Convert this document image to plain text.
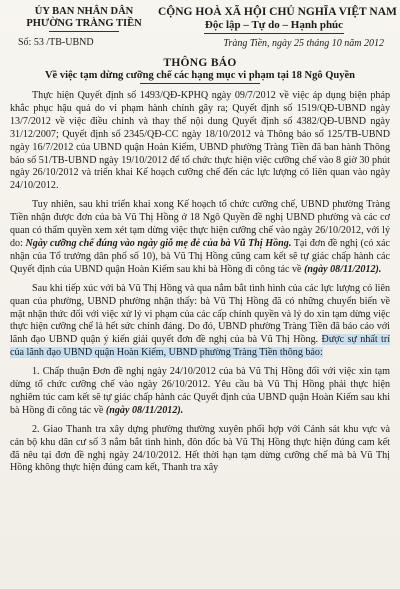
ỦY BAN NHÂN DÂN
PHƯỜNG TRÀNG TIỀN
Số: 53 /TB-UBND
CỘNG HOÀ XÃ HỘI CHỦ NGHĨA VIỆT NAM
Độc lập – Tự do – Hạnh phúc
Tràng Tiền, ngày 25 tháng 10 năm 2012
THÔNG BÁO
Về việc tạm dừng cưỡng chế các hạng mục vi phạm tại 18 Ngô Quyền

Thực hiện Quyết định số 1493/QĐ-KPHQ ngày 09/7/2012 về việc áp dụng biện pháp khắc phục hậu quả do vi phạm hành chính gây ra; Quyết định số 1519/QĐ-UBND ngày 13/7/2012 về việc điều chỉnh và thay thế nội dung Quyết định số 4382/QĐ-UBND ngày 31/12/2007; Quyết định số 2345/QĐ-CC ngày 18/10/2012 và Thông báo số 125/TB-UBND ngày 16/7/2012 của UBND quận Hoàn Kiếm, UBND phường Tràng Tiền đã ban hành Thông báo số 51/TB-UBND ngày 19/10/2012 để tổ chức thực hiện việc cưỡng chế vào 8 giờ 30 phút ngày 26/10/2012 và triển khai Kế hoạch cưỡng chế đến các lực lượng có liên quan vào ngày 24/10/2012.

Tuy nhiên, sau khi triển khai xong Kế hoạch tổ chức cưỡng chế, UBND phường Tràng Tiền nhận được đơn của bà Vũ Thị Hồng ở 18 Ngô Quyền đề nghị UBND phường và các cơ quan có thẩm quyền xem xét tạm dừng việc thực hiện cưỡng chế vào ngày 26/10/2012, với lý do: Ngày cưỡng chế đúng vào ngày giỗ mẹ đẻ của bà Vũ Thị Hồng. Tại đơn đề nghị (có xác nhận của Tổ trưởng dân phố số 10), bà Vũ Thị Hồng cũng cam kết sẽ tự giác chấp hành các Quyết định của UBND quận Hoàn Kiếm sau khi bà Hồng đi công tác về (ngày 08/11/2012).

Sau khi tiếp xúc với bà Vũ Thị Hồng và qua nắm bắt tình hình của các lực lượng có liên quan của phường, UBND phường nhận thấy: bà Vũ Thị Hồng đã có những chuyển biến về mặt nhận thức đối với việc xử lý vi phạm của các cấp chính quyền và lý do xin tạm dừng việc thực hiện cưỡng chế là hết sức chính đáng. Do đó, UBND phường Tràng Tiền đã báo cáo với lãnh đạo UBND quận ý kiến giải quyết đơn đề nghị của bà Vũ Thị Hồng. Được sự nhất trí của lãnh đạo UBND quận Hoàn Kiếm, UBND phường Tràng Tiền thông báo:

1. Chấp thuận Đơn đề nghị ngày 24/10/2012 của bà Vũ Thị Hồng đối với việc xin tạm dừng tổ chức cưỡng chế vào ngày 26/10/2012. Yêu cầu bà Vũ Thị Hồng phải thực hiện nghiêm túc cam kết sẽ tự giác chấp hành các Quyết định của UBND quận Hoàn Kiếm sau khi bà Hồng đi công tác về (ngày 08/11/2012).

2. Giao Thanh tra xây dựng phường thường xuyên phối hợp với Cảnh sát khu vực và cán bộ khu dân cư số 3 nắm bắt tình hình, đôn đốc bà Vũ Thị Hồng thực hiện đúng cam kết đã nêu tại đơn đề nghị ngày 24/10/2012. Hết thời hạn tạm dừng cưỡng chế mà bà Vũ Thị Hồng không thực hiện đúng cam kết, Thanh tra xây
